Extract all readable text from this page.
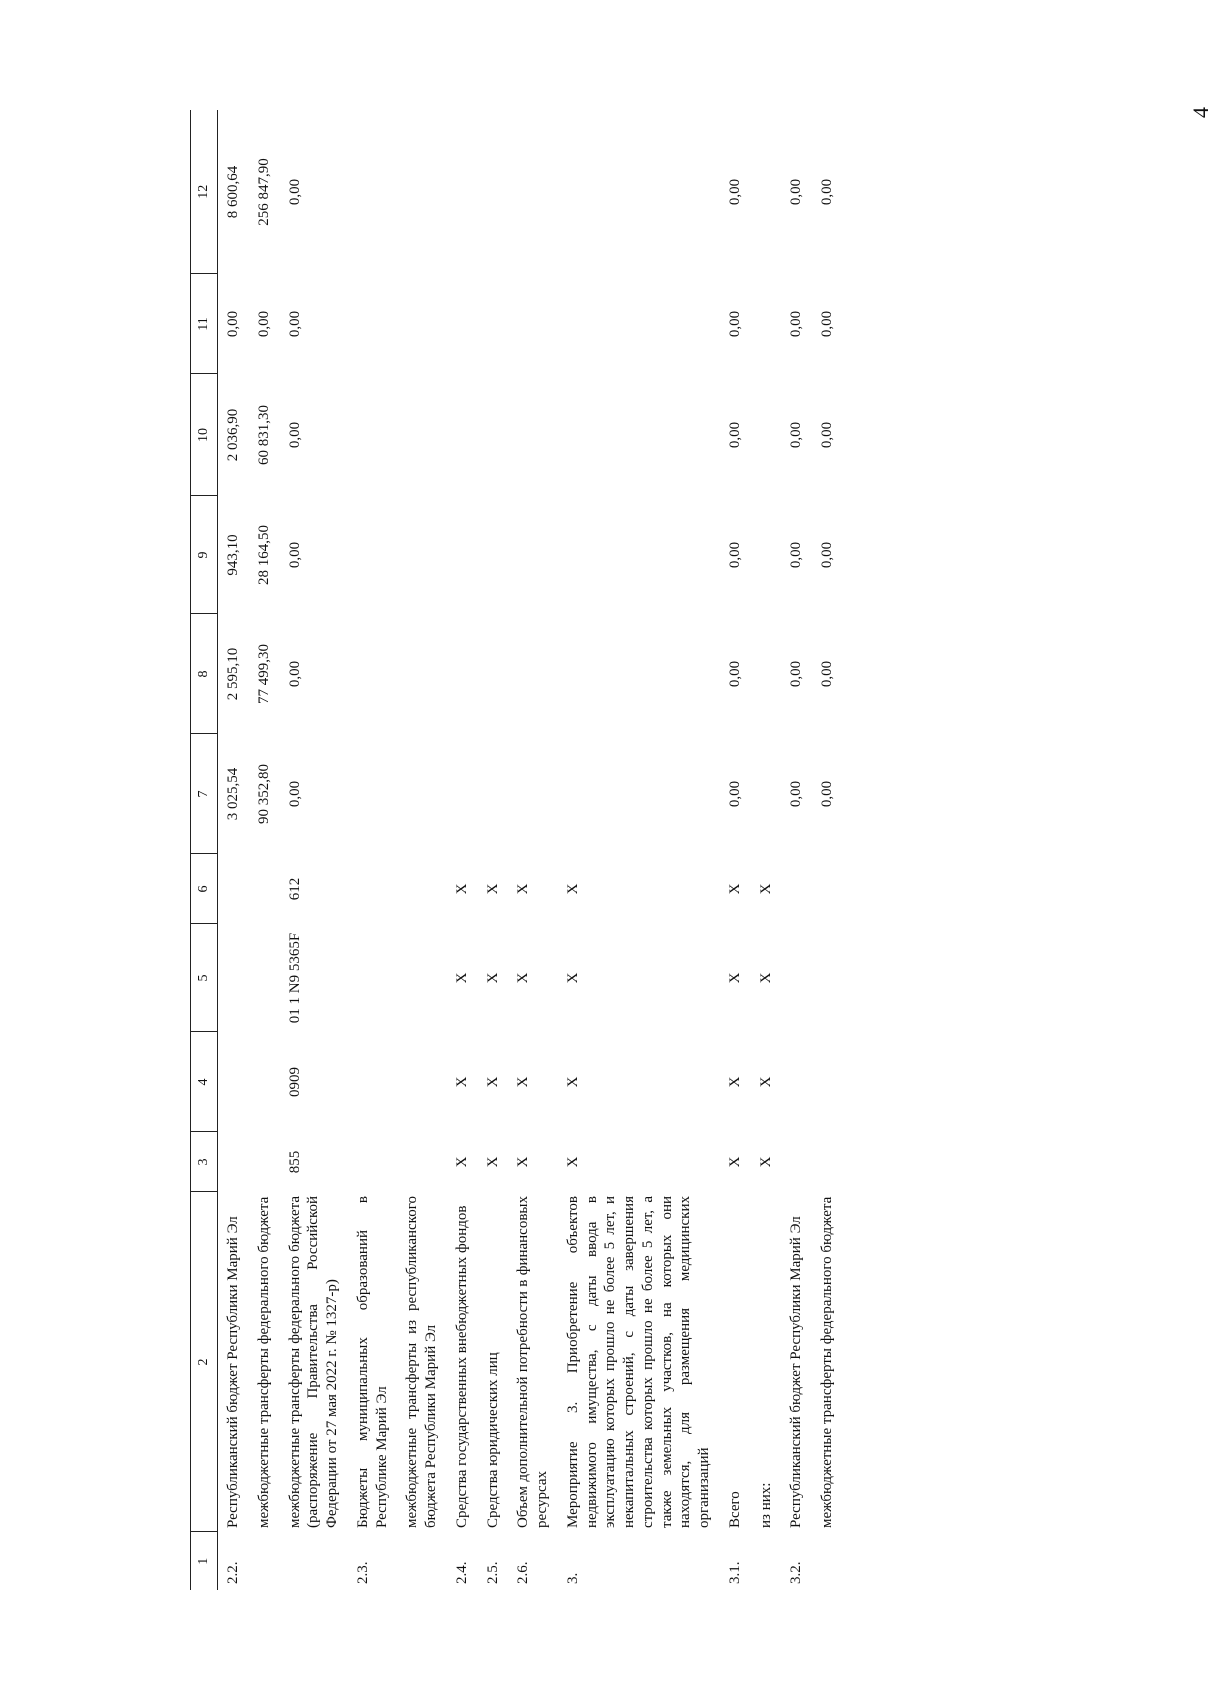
4
1	2	3	4	5	6	7	8	9	10	11	12
2.2.	Республиканский бюджет Республики Марий Эл					3 025,54	2 595,10	943,10	2 036,90	0,00	8 600,64
	межбюджетные трансферты федерального бюджета					90 352,80	77 499,30	28 164,50	60 831,30	0,00	256 847,90
	межбюджетные трансферты федерального бюджета (распоряжение Правительства Российской Федерации от 27 мая 2022 г. № 1327-р)	855	0909	01 1 N9 5365F	612	0,00	0,00	0,00	0,00	0,00	0,00
2.3.	Бюджеты муниципальных образований в Республике Марий Эл										
	межбюджетные трансферты из республиканского бюджета Республики Марий Эл										
2.4.	Средства государственных внебюджетных фондов	X	X	X	X						
2.5.	Средства юридических лиц	X	X	X	X						
2.6.	Объем дополнительной потребности в финансовых ресурсах	X	X	X	X						
3.	Мероприятие 3. Приобретение объектов недвижимого имущества, с даты ввода в эксплуатацию которых прошло не более 5 лет, и некапитальных строений, с даты завершения строительства которых прошло не более 5 лет, а также земельных участков, на которых они находятся, для размещения медицинских организаций	X	X	X	X						
3.1.	Всего	X	X	X	X	0,00	0,00	0,00	0,00	0,00	0,00
	из них:	X	X	X	X						
3.2.	Республиканский бюджет Республики Марий Эл					0,00	0,00	0,00	0,00	0,00	0,00
	межбюджетные трансферты федерального бюджета					0,00	0,00	0,00	0,00	0,00	0,00
